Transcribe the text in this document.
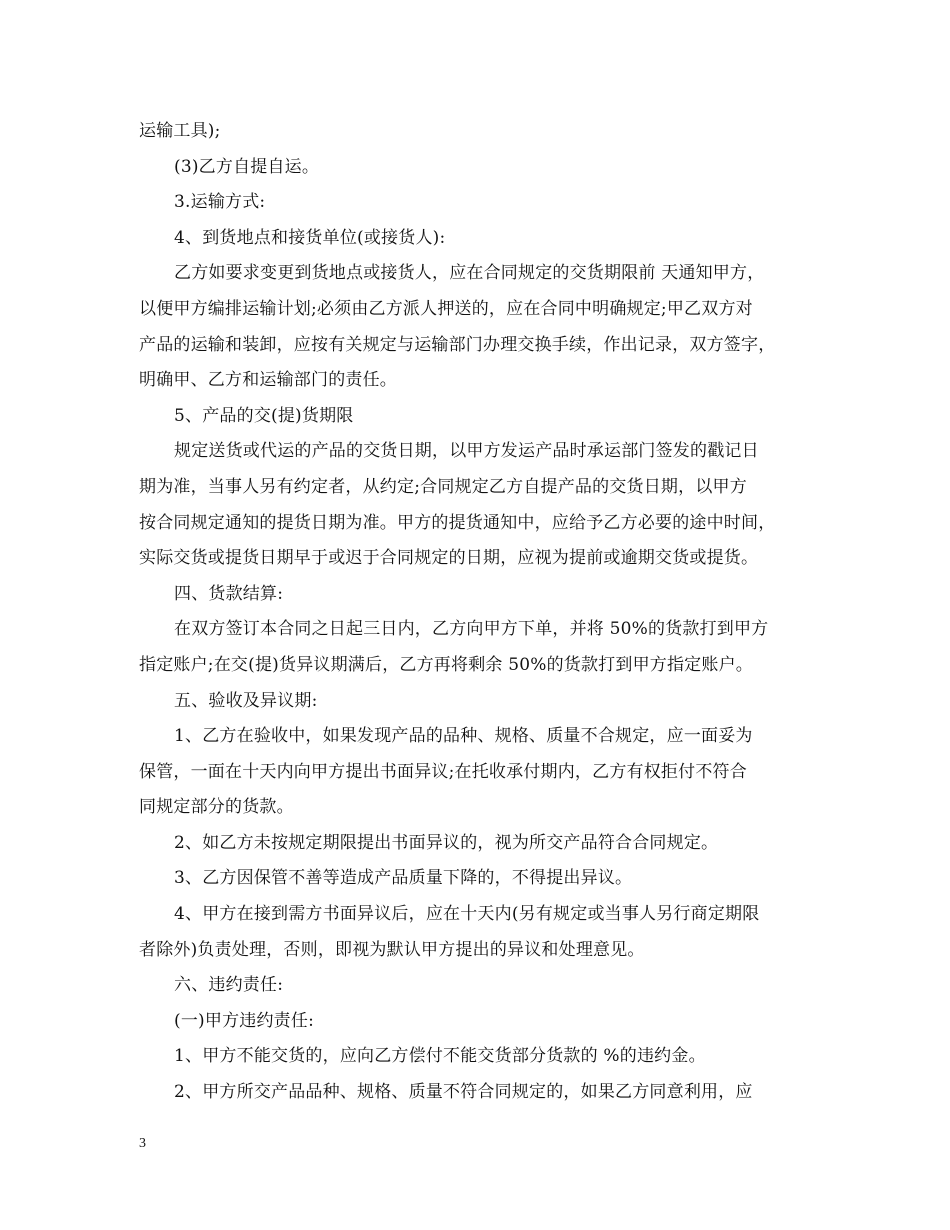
运输工具);
(3)乙方自提自运。
3.运输方式:
4、到货地点和接货单位(或接货人):
乙方如要求变更到货地点或接货人，应在合同规定的交货期限前 天通知甲方，
以便甲方编排运输计划;必须由乙方派人押送的，应在合同中明确规定;甲乙双方对
产品的运输和装卸，应按有关规定与运输部门办理交换手续，作出记录，双方签字，
明确甲、乙方和运输部门的责任。
5、产品的交(提)货期限
规定送货或代运的产品的交货日期，以甲方发运产品时承运部门签发的戳记日
期为准，当事人另有约定者，从约定;合同规定乙方自提产品的交货日期，以甲方
按合同规定通知的提货日期为准。甲方的提货通知中，应给予乙方必要的途中时间，
实际交货或提货日期早于或迟于合同规定的日期，应视为提前或逾期交货或提货。
四、货款结算:
在双方签订本合同之日起三日内，乙方向甲方下单，并将 50%的货款打到甲方
指定账户;在交(提)货异议期满后，乙方再将剩余 50%的货款打到甲方指定账户。
五、验收及异议期:
1、乙方在验收中，如果发现产品的品种、规格、质量不合规定，应一面妥为
保管，一面在十天内向甲方提出书面异议;在托收承付期内，乙方有权拒付不符合
同规定部分的货款。
2、如乙方未按规定期限提出书面异议的，视为所交产品符合合同规定。
3、乙方因保管不善等造成产品质量下降的，不得提出异议。
4、甲方在接到需方书面异议后，应在十天内(另有规定或当事人另行商定期限
者除外)负责处理，否则，即视为默认甲方提出的异议和处理意见。
六、违约责任:
(一)甲方违约责任:
1、甲方不能交货的，应向乙方偿付不能交货部分货款的 %的违约金。
2、甲方所交产品品种、规格、质量不符合同规定的，如果乙方同意利用，应
3
